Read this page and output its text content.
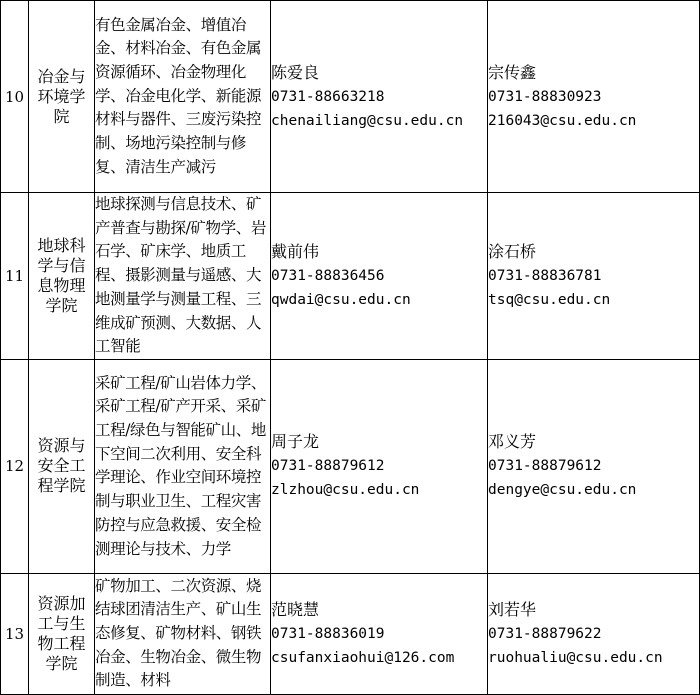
10	冶金与环境学院	有色金属冶金、增值冶金、材料冶金、有色金属资源循环、冶金物理化学、冶金电化学、新能源材料与器件、三废污染控制、场地污染控制与修复、清洁生产减污	陈爱良
0731-88663218
chenailiang@csu.edu.cn	宗传鑫
0731-88830923
216043@csu.edu.cn

11	地球科学与信息物理学院	地球探测与信息技术、矿产普查与勘探/矿物学、岩石学、矿床学、地质工程、摄影测量与遥感、大地测量学与测量工程、三维成矿预测、大数据、人工智能	戴前伟
0731-88836456
qwdai@csu.edu.cn	涂石桥
0731-88836781
tsq@csu.edu.cn

12	资源与安全工程学院	采矿工程/矿山岩体力学、采矿工程/矿产开采、采矿工程/绿色与智能矿山、地下空间二次利用、安全科学理论、作业空间环境控制与职业卫生、工程灾害防控与应急救援、安全检测理论与技术、力学	周子龙
0731-88879612
zlzhou@csu.edu.cn	邓义芳
0731-88879612
dengye@csu.edu.cn

13	资源加工与生物工程学院	矿物加工、二次资源、烧结球团清洁生产、矿山生态修复、矿物材料、钢铁冶金、生物冶金、微生物制造、材料	范晓慧
0731-88836019
csufanxiaohui@126.com	刘若华
0731-88879622
ruohualiu@csu.edu.cn
